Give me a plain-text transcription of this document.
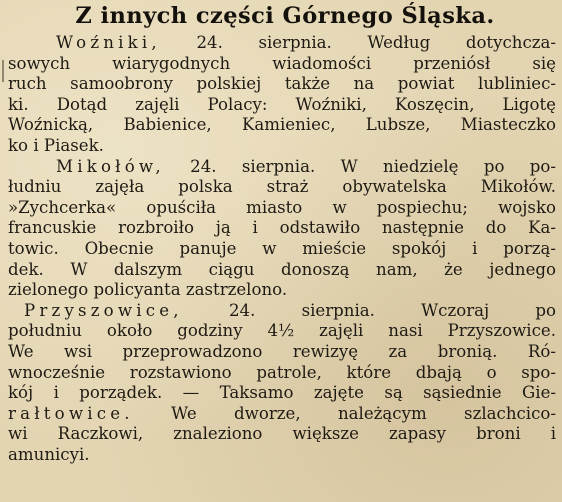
Z innych części Górnego Śląska.
Woźniki, 24. sierpnia. Według dotychcza-
sowych wiarygodnych wiadomości przeniósł się
ruch samoobrony polskiej także na powiat lubliniec-
ki. Dotąd zajęli Polacy: Woźniki, Koszęcin, Ligotę
Woźnicką, Babienice, Kamieniec, Lubsze, Miasteczko
ko i Piasek.
Mikołów, 24. sierpnia. W niedzielę po po-
łudniu zajęła polska straż obywatelska Mikołów.
»Zychcerka« opuściła miasto w pospiechu; wojsko
francuskie rozbroiło ją i odstawiło następnie do Ka-
towic. Obecnie panuje w mieście spokój i porzą-
dek. W dalszym ciągu donoszą nam, że jednego
zielonego policyanta zastrzelono.
Przyszowice, 24. sierpnia. Wczoraj po
południu około godziny 4½ zajęli nasi Przyszowice.
We wsi przeprowadzono rewizyę za bronią. Ró-
wnocześnie rozstawiono patrole, które dbają o spo-
kój i porządek. — Taksamo zajęte są sąsiednie Gie-
rałtowice. We dworze, należącym szlachcico-
wi Raczkowi, znaleziono większe zapasy broni i
amunicyi.
